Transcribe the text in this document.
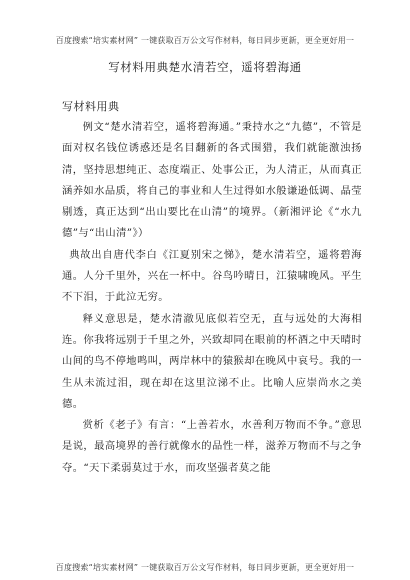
百度搜索“培实素材网” 一键获取百万公文写作材料，每日同步更新，更全更好用一
写材料用典楚水清若空，遥将碧海通
写材料用典

例文“楚水清若空，遥将碧海通。”秉持水之“九德”，不管是面对权名钱位诱惑还是名目翻新的各式围猎，我们就能激浊扬清，坚持思想纯正、态度端正、处事公正，为人清正，从而真正涵养如水品质，将自己的事业和人生过得如水般谦逊低调、晶莹剔透，真正达到“出山要比在山清”的境界。（新湘评论《“水九德”与“出山清”》）

典故出自唐代李白《江夏别宋之悌》，楚水清若空，遥将碧海通。人分千里外，兴在一杯中。谷鸟吟晴日，江猿啸晚风。平生不下泪，于此泣无穷。

释义意思是，楚水清澈见底似若空无，直与远处的大海相连。你我将远别于千里之外，兴致却同在眼前的杯酒之中天晴时山间的鸟不停地鸣叫，两岸林中的猿猴却在晚风中哀号。我的一生从未流过泪，现在却在这里泣涕不止。比喻人应崇尚水之美德。

赏析《老子》有言：“上善若水，水善利万物而不争。”意思是说，最高境界的善行就像水的品性一样，滋养万物而不与之争夺。“天下柔弱莫过于水，而攻坚强者莫之能

百度搜索“培实素材网” 一键获取百万公文写作材料，每日同步更新，更全更好用一
